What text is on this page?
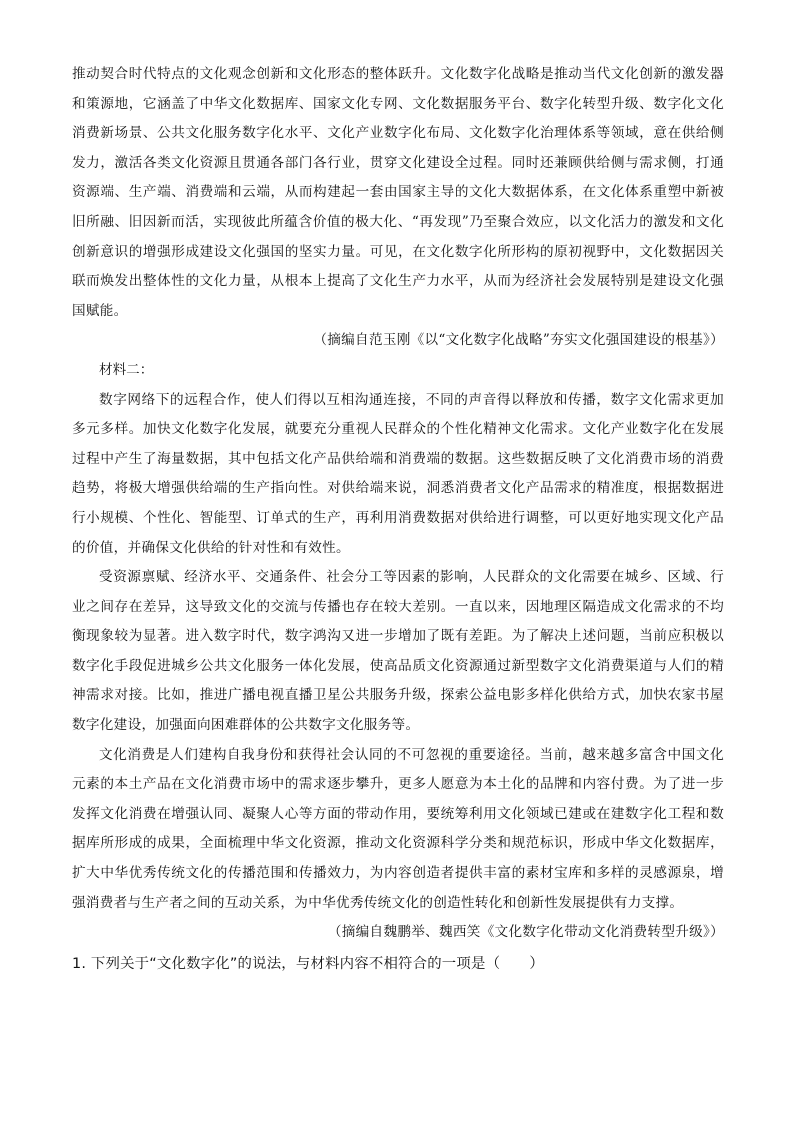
推动契合时代特点的文化观念创新和文化形态的整体跃升。文化数字化战略是推动当代文化创新的激发器和策源地，它涵盖了中华文化数据库、国家文化专网、文化数据服务平台、数字化转型升级、数字化文化消费新场景、公共文化服务数字化水平、文化产业数字化布局、文化数字化治理体系等领域，意在供给侧发力，激活各类文化资源且贯通各部门各行业，贯穿文化建设全过程。同时还兼顾供给侧与需求侧，打通资源端、生产端、消费端和云端，从而构建起一套由国家主导的文化大数据体系，在文化体系重塑中新被旧所融、旧因新而活，实现彼此所蕴含价值的极大化、“再发现”乃至聚合效应，以文化活力的激发和文化创新意识的增强形成建设文化强国的坚实力量。可见，在文化数字化所形构的原初视野中，文化数据因关联而焕发出整体性的文化力量，从根本上提高了文化生产力水平，从而为经济社会发展特别是建设文化强国赋能。

（摘编自范玉刚《以“文化数字化战略”夯实文化强国建设的根基》）

材料二：

数字网络下的远程合作，使人们得以互相沟通连接，不同的声音得以释放和传播，数字文化需求更加多元多样。加快文化数字化发展，就要充分重视人民群众的个性化精神文化需求。文化产业数字化在发展过程中产生了海量数据，其中包括文化产品供给端和消费端的数据。这些数据反映了文化消费市场的消费趋势，将极大增强供给端的生产指向性。对供给端来说，洞悉消费者文化产品需求的精准度，根据数据进行小规模、个性化、智能型、订单式的生产，再利用消费数据对供给进行调整，可以更好地实现文化产品的价值，并确保文化供给的针对性和有效性。

受资源禀赋、经济水平、交通条件、社会分工等因素的影响，人民群众的文化需要在城乡、区域、行业之间存在差异，这导致文化的交流与传播也存在较大差别。一直以来，因地理区隔造成文化需求的不均衡现象较为显著。进入数字时代，数字鸿沟又进一步增加了既有差距。为了解决上述问题，当前应积极以数字化手段促进城乡公共文化服务一体化发展，使高品质文化资源通过新型数字文化消费渠道与人们的精神需求对接。比如，推进广播电视直播卫星公共服务升级，探索公益电影多样化供给方式，加快农家书屋数字化建设，加强面向困难群体的公共数字文化服务等。

文化消费是人们建构自我身份和获得社会认同的不可忽视的重要途径。当前，越来越多富含中国文化元素的本土产品在文化消费市场中的需求逐步攀升，更多人愿意为本土化的品牌和内容付费。为了进一步发挥文化消费在增强认同、凝聚人心等方面的带动作用，要统筹利用文化领域已建或在建数字化工程和数据库所形成的成果，全面梳理中华文化资源，推动文化资源科学分类和规范标识，形成中华文化数据库，扩大中华优秀传统文化的传播范围和传播效力，为内容创造者提供丰富的素材宝库和多样的灵感源泉，增强消费者与生产者之间的互动关系，为中华优秀传统文化的创造性转化和创新性发展提供有力支撑。

（摘编自魏鹏举、魏西笑《文化数字化带动文化消费转型升级》）

1. 下列关于“文化数字化”的说法，与材料内容不相符合的一项是（　　）
